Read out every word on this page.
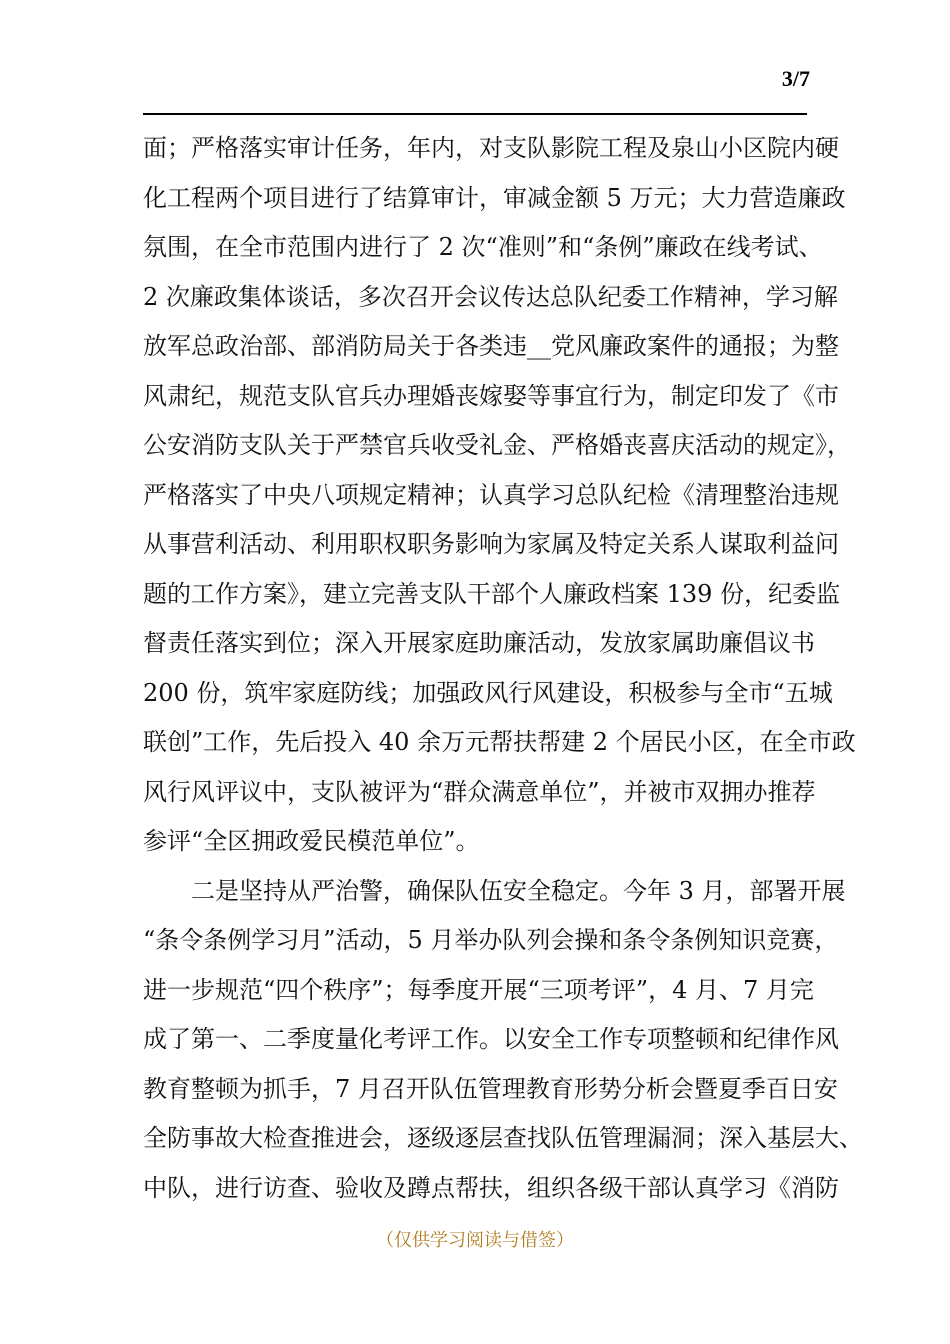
3/7
面；严格落实审计任务，年内，对支队影院工程及泉山小区院内硬
化工程两个项目进行了结算审计，审减金额 5 万元；大力营造廉政
氛围，在全市范围内进行了 2 次“准则”和“条例”廉政在线考试、
2 次廉政集体谈话，多次召开会议传达总队纪委工作精神，学习解
放军总政治部、部消防局关于各类违__党风廉政案件的通报；为整
风肃纪，规范支队官兵办理婚丧嫁娶等事宜行为，制定印发了《市
公安消防支队关于严禁官兵收受礼金、严格婚丧喜庆活动的规定》，
严格落实了中央八项规定精神；认真学习总队纪检《清理整治违规
从事营利活动、利用职权职务影响为家属及特定关系人谋取利益问
题的工作方案》，建立完善支队干部个人廉政档案 139 份，纪委监
督责任落实到位；深入开展家庭助廉活动，发放家属助廉倡议书
200 份，筑牢家庭防线；加强政风行风建设，积极参与全市“五城
联创”工作，先后投入 40 余万元帮扶帮建 2 个居民小区，在全市政
风行风评议中，支队被评为“群众满意单位”，并被市双拥办推荐
参评“全区拥政爱民模范单位”。
二是坚持从严治警，确保队伍安全稳定。今年 3 月，部署开展
“条令条例学习月”活动，5 月举办队列会操和条令条例知识竞赛，
进一步规范“四个秩序”；每季度开展“三项考评”，4 月、7 月完
成了第一、二季度量化考评工作。以安全工作专项整顿和纪律作风
教育整顿为抓手，7 月召开队伍管理教育形势分析会暨夏季百日安
全防事故大检查推进会，逐级逐层查找队伍管理漏洞；深入基层大、
中队，进行访查、验收及蹲点帮扶，组织各级干部认真学习《消防
（仅供学习阅读与借签）
